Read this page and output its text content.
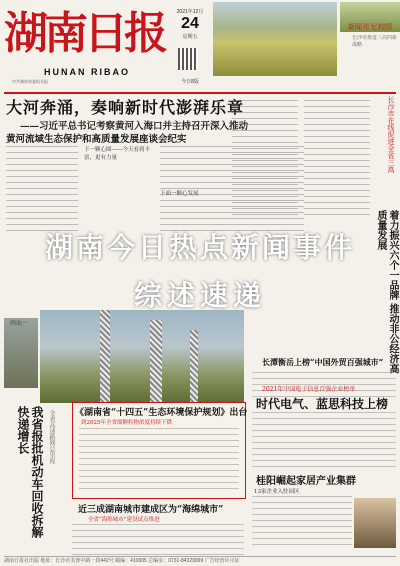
湖南日报
HUNAN RIBAO
中共湖南省委机关报
2021年12月
24
星期五
今日8版
新闻刊 忆校园
长沙市推进三高四新战略
大河奔涌，奏响新时代澎湃乐章
——习近平总书记考察黄河入海口并主持召开深入推动
黄河流域生态保护和高质量发展座谈会纪实
下一颗心圆——今天看到丰富，更有力量
下面一颗心发展
长沙市在线促进全省三高
着力振兴六个一品牌 推动非公经济高质量发展
画面一
湖南今日热点新闻事件
综述速递
长潭衡岳上榜“中国外贸百强城市”
2021年中国电子信息百强企业榜单
时代电气、蓝思科技上榜
桂阳崛起家居产业集群
13家企业入驻园区
我省报批机动车回收拆解快递增长	全省高速路网总里程 《湖南省“十四五”生态环境保护规划》出台
到2025年全省细颗粒物浓度持续下降
近三成湖南城市建成区为“海绵城市”
全省“海绵城市”建设试点推进
湖南日报社出版 地址：长沙市芙蓉中路一段442号 邮编：410005 总编室：0731-84329999 广告经营许可证
